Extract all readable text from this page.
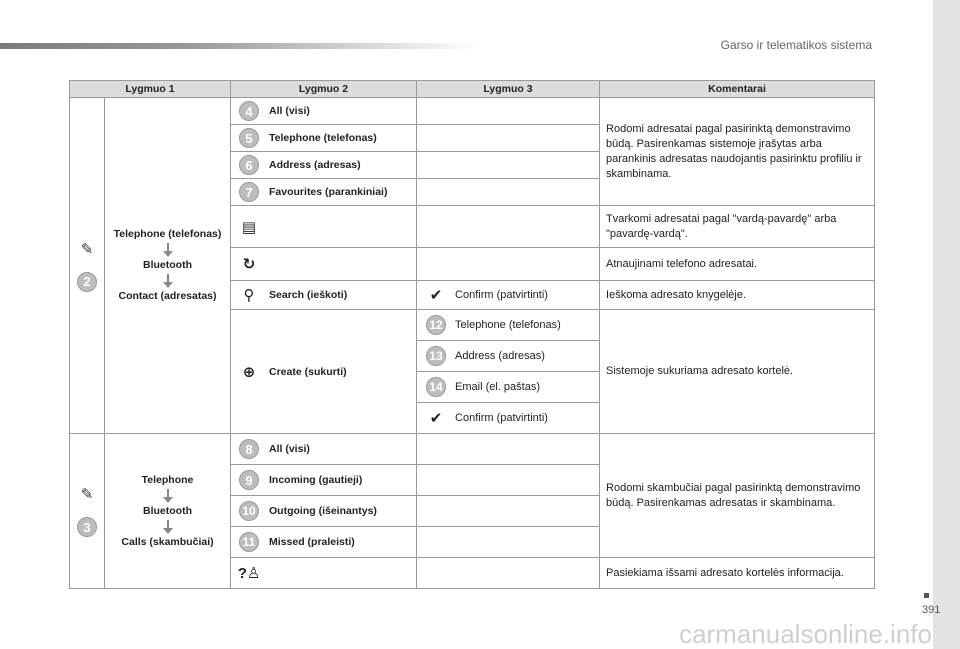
Garso ir telematikos sistema
Lygmuo 1		Lygmuo 2	Lygmuo 3	Komentarai

✎
2	Telephone (telefonas)
Bluetooth
Contact (adresatas)	4 All (visi)		Rodomi adresatai pagal pasirinktą demonstravimo būdą. Pasirenkamas sistemoje įrašytas arba parankinis adresatas naudojantis pasirinktu profiliu ir skambinama.

5 Telephone (telefonas)		

6 Address (adresas)		

7 Favourites (parankiniai)		

		▤		Tvarkomi adresatai pagal "vardą-pavardę" arba "pavardę-vardą".

		↻		Atnaujinami telefono adresatai.

		⚲ Search (ieškoti)	✔ Confirm (patvirtinti)	Ieškoma adresato knygelėje.

		⊕ Create (sukurti)	12 Telephone (telefonas)	Sistemoje sukuriama adresato kortelė.

13 Address (adresas)	

14 Email (el. paštas)	

			✔ Confirm (patvirtinti)	

✎
3	Telephone
Bluetooth
Calls (skambučiai)	8 All (visi)		Rodomi skambučiai pagal pasirinktą demonstravimo būdą. Pasirenkamas adresatas ir skambinama.

9 Incoming (gautieji)		

10 Outgoing (išeinantys)		

11 Missed (praleisti)		

		?♙		Pasiekiama išsami adresato kortelės informacija.
391
carmanualsonline.info
